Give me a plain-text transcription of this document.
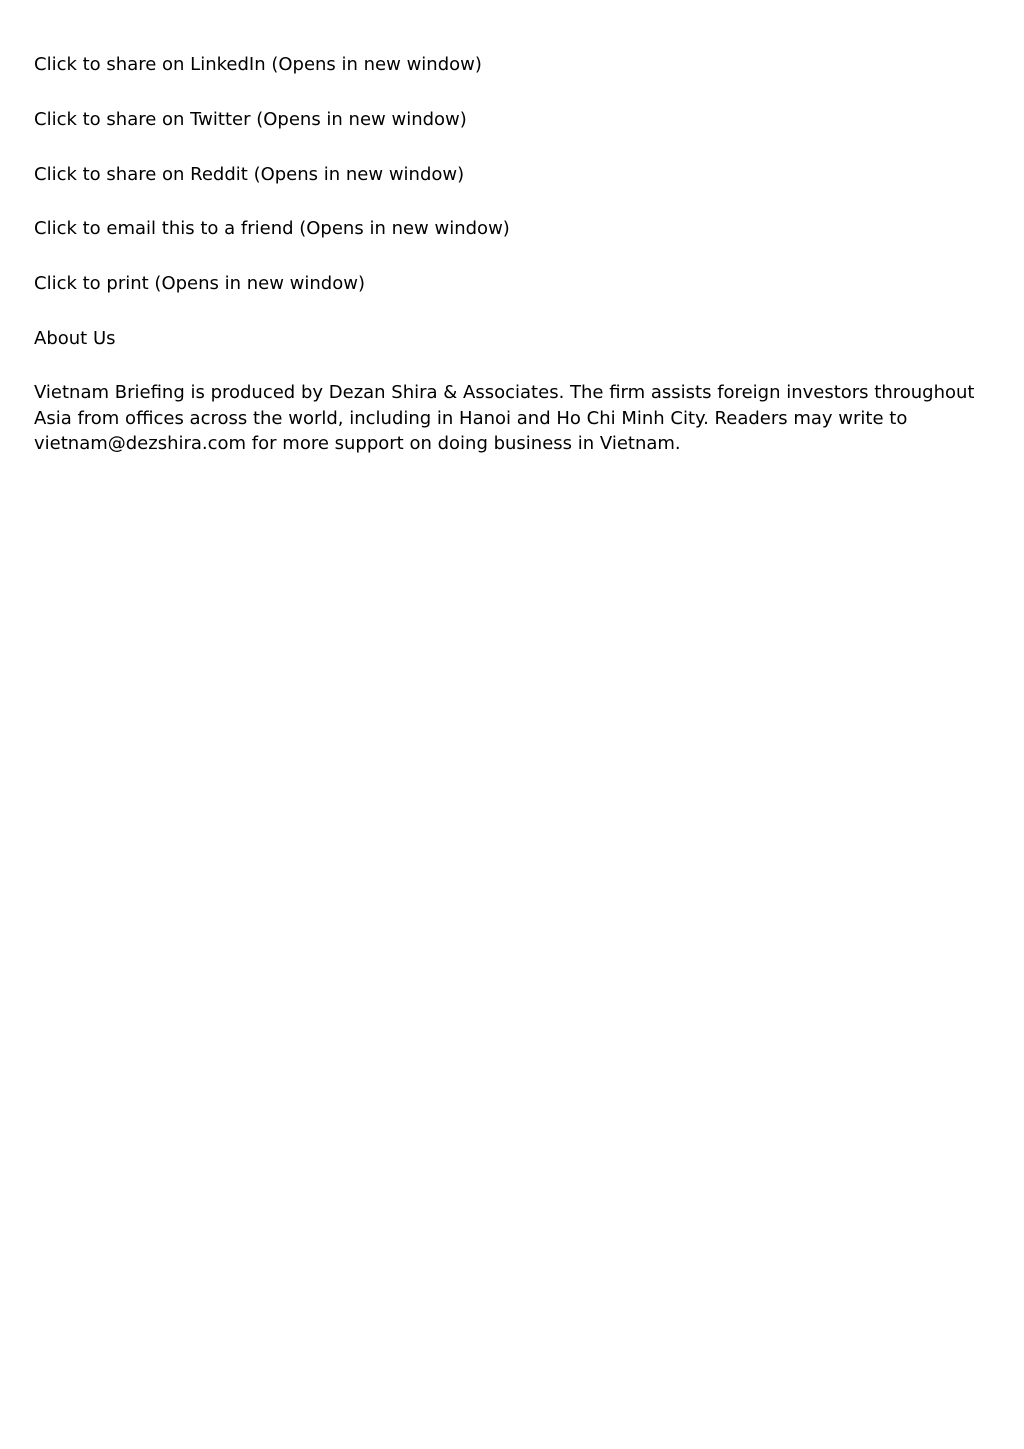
Click to share on LinkedIn (Opens in new window)
Click to share on Twitter (Opens in new window)
Click to share on Reddit (Opens in new window)
Click to email this to a friend (Opens in new window)
Click to print (Opens in new window)
About Us

Vietnam Briefing is produced by Dezan Shira & Associates. The firm assists foreign investors throughout Asia from offices across the world, including in Hanoi and Ho Chi Minh City. Readers may write to vietnam@dezshira.com for more support on doing business in Vietnam.
